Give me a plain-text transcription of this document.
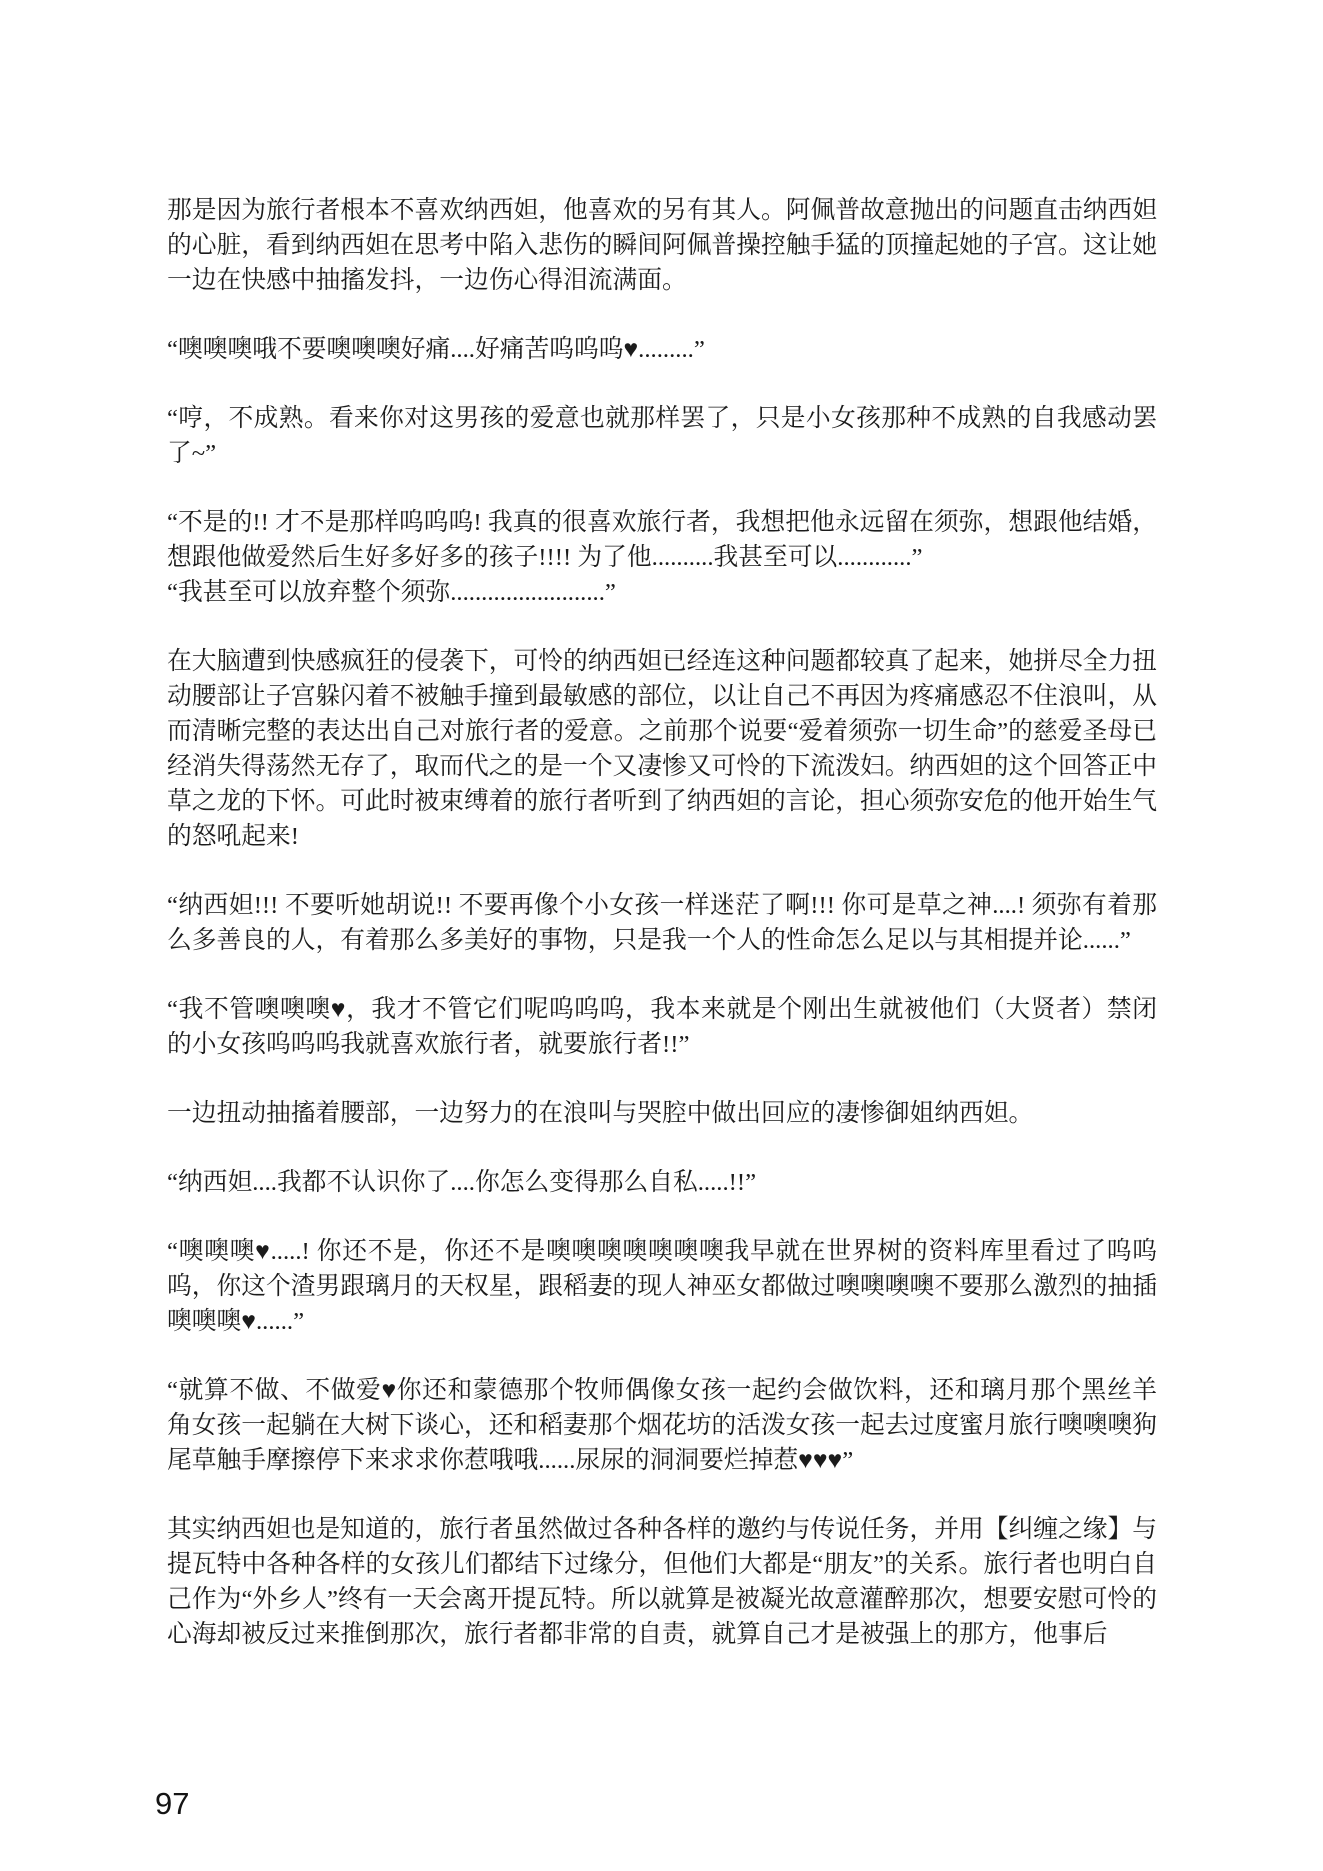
那是因为旅行者根本不喜欢纳西妲，他喜欢的另有其人。阿佩普故意抛出的问题直击纳西妲的心脏，看到纳西妲在思考中陷入悲伤的瞬间阿佩普操控触手猛的顶撞起她的子宫。这让她一边在快感中抽搐发抖，一边伤心得泪流满面。

“噢噢噢哦不要噢噢噢好痛....好痛苦呜呜呜♥.........”

“哼，不成熟。看来你对这男孩的爱意也就那样罢了，只是小女孩那种不成熟的自我感动罢了~”

“不是的!! 才不是那样呜呜呜! 我真的很喜欢旅行者，我想把他永远留在须弥，想跟他结婚，想跟他做爱然后生好多好多的孩子!!!! 为了他..........我甚至可以............”

“我甚至可以放弃整个须弥.........................”

在大脑遭到快感疯狂的侵袭下，可怜的纳西妲已经连这种问题都较真了起来，她拼尽全力扭动腰部让子宫躲闪着不被触手撞到最敏感的部位，以让自己不再因为疼痛感忍不住浪叫，从而清晰完整的表达出自己对旅行者的爱意。之前那个说要“爱着须弥一切生命”的慈爱圣母已经消失得荡然无存了，取而代之的是一个又凄惨又可怜的下流泼妇。纳西妲的这个回答正中草之龙的下怀。可此时被束缚着的旅行者听到了纳西妲的言论，担心须弥安危的他开始生气的怒吼起来!

“纳西妲!!! 不要听她胡说!! 不要再像个小女孩一样迷茫了啊!!! 你可是草之神....! 须弥有着那么多善良的人，有着那么多美好的事物，只是我一个人的性命怎么足以与其相提并论......”

“我不管噢噢噢♥，我才不管它们呢呜呜呜，我本来就是个刚出生就被他们（大贤者）禁闭的小女孩呜呜呜我就喜欢旅行者，就要旅行者!!”

一边扭动抽搐着腰部，一边努力的在浪叫与哭腔中做出回应的凄惨御姐纳西妲。

“纳西妲....我都不认识你了....你怎么变得那么自私.....!!”

“噢噢噢♥.....! 你还不是，你还不是噢噢噢噢噢噢噢我早就在世界树的资料库里看过了呜呜呜，你这个渣男跟璃月的天权星，跟稻妻的现人神巫女都做过噢噢噢噢不要那么激烈的抽插噢噢噢♥......”

“就算不做、不做爱♥你还和蒙德那个牧师偶像女孩一起约会做饮料，还和璃月那个黑丝羊角女孩一起躺在大树下谈心，还和稻妻那个烟花坊的活泼女孩一起去过度蜜月旅行噢噢噢狗尾草触手摩擦停下来求求你惹哦哦......尿尿的洞洞要烂掉惹♥♥♥”

其实纳西妲也是知道的，旅行者虽然做过各种各样的邀约与传说任务，并用【纠缠之缘】与提瓦特中各种各样的女孩儿们都结下过缘分，但他们大都是“朋友”的关系。旅行者也明白自己作为“外乡人”终有一天会离开提瓦特。所以就算是被凝光故意灌醉那次，想要安慰可怜的心海却被反过来推倒那次，旅行者都非常的自责，就算自己才是被强上的那方，他事后

97
